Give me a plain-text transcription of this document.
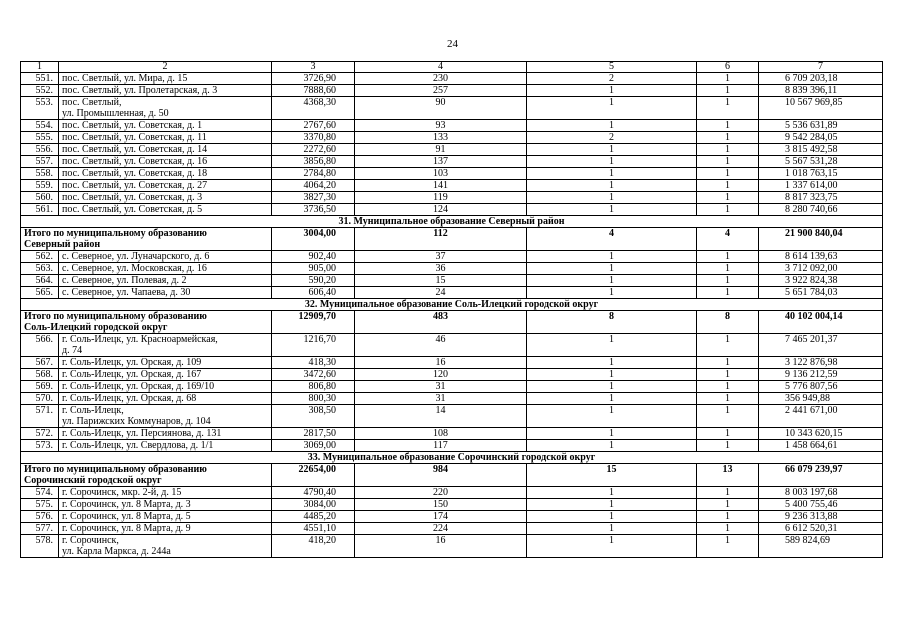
24
1	2	3	4	5	6	7
551.	пос. Светлый, ул. Мира, д. 15	3726,90	230	2	1	6 709 203,18
552.	пос. Светлый, ул. Пролетарская, д. 3	7888,60	257	1	1	8 839 396,11
553.	пос. Светлый,
ул. Промышленная, д. 50	4368,30	90	1	1	10 567 969,85
554.	пос. Светлый, ул. Советская, д. 1	2767,60	93	1	1	5 536 631,89
555.	пос. Светлый, ул. Советская, д. 11	3370,80	133	2	1	9 542 284,05
556.	пос. Светлый, ул. Советская, д. 14	2272,60	91	1	1	3 815 492,58
557.	пос. Светлый, ул. Советская, д. 16	3856,80	137	1	1	5 567 531,28
558.	пос. Светлый, ул. Советская, д. 18	2784,80	103	1	1	1 018 763,15
559.	пос. Светлый, ул. Советская, д. 27	4064,20	141	1	1	1 337 614,00
560.	пос. Светлый, ул. Советская, д. 3	3827,30	119	1	1	8 817 323,75
561.	пос. Светлый, ул. Советская, д. 5	3736,50	124	1	1	8 280 740,66
31. Муниципальное образование Северный район						
Итого по муниципальному образованию
Северный район		3004,00	112	4	4	21 900 840,04
562.	с. Северное, ул. Луначарского, д. 6	902,40	37	1	1	8 614 139,63
563.	с. Северное, ул. Московская, д. 16	905,00	36	1	1	3 712 092,00
564.	с. Северное, ул. Полевая, д. 2	590,20	15	1	1	3 922 824,38
565.	с. Северное, ул. Чапаева, д. 30	606,40	24	1	1	5 651 784,03
32. Муниципальное образование Соль-Илецкий городской округ						
Итого по муниципальному образованию
Соль-Илецкий городской округ		12909,70	483	8	8	40 102 004,14
566.	г. Соль-Илецк, ул. Красноармейская,
д. 74	1216,70	46	1	1	7 465 201,37
567.	г. Соль-Илецк, ул. Орская, д. 109	418,30	16	1	1	3 122 876,98
568.	г. Соль-Илецк, ул. Орская, д. 167	3472,60	120	1	1	9 136 212,59
569.	г. Соль-Илецк, ул. Орская, д. 169/10	806,80	31	1	1	5 776 807,56
570.	г. Соль-Илецк, ул. Орская, д. 68	800,30	31	1	1	356 949,88
571.	г. Соль-Илецк,
ул. Парижских Коммунаров, д. 104	308,50	14	1	1	2 441 671,00
572.	г. Соль-Илецк, ул. Персиянова, д. 131	2817,50	108	1	1	10 343 620,15
573.	г. Соль-Илецк, ул. Свердлова, д. 1/1	3069,00	117	1	1	1 458 664,61
33. Муниципальное образование Сорочинский городской округ						
Итого по муниципальному образованию
Сорочинский городской округ		22654,00	984	15	13	66 079 239,97
574.	г. Сорочинск, мкр. 2-й, д. 15	4790,40	220	1	1	8 003 197,68
575.	г. Сорочинск, ул. 8 Марта, д. 3	3084,00	150	1	1	5 400 755,46
576.	г. Сорочинск, ул. 8 Марта, д. 5	4485,20	174	1	1	9 236 313,88
577.	г. Сорочинск, ул. 8 Марта, д. 9	4551,10	224	1	1	6 612 520,31
578.	г. Сорочинск,
ул. Карла Маркса, д. 244а	418,20	16	1	1	589 824,69
